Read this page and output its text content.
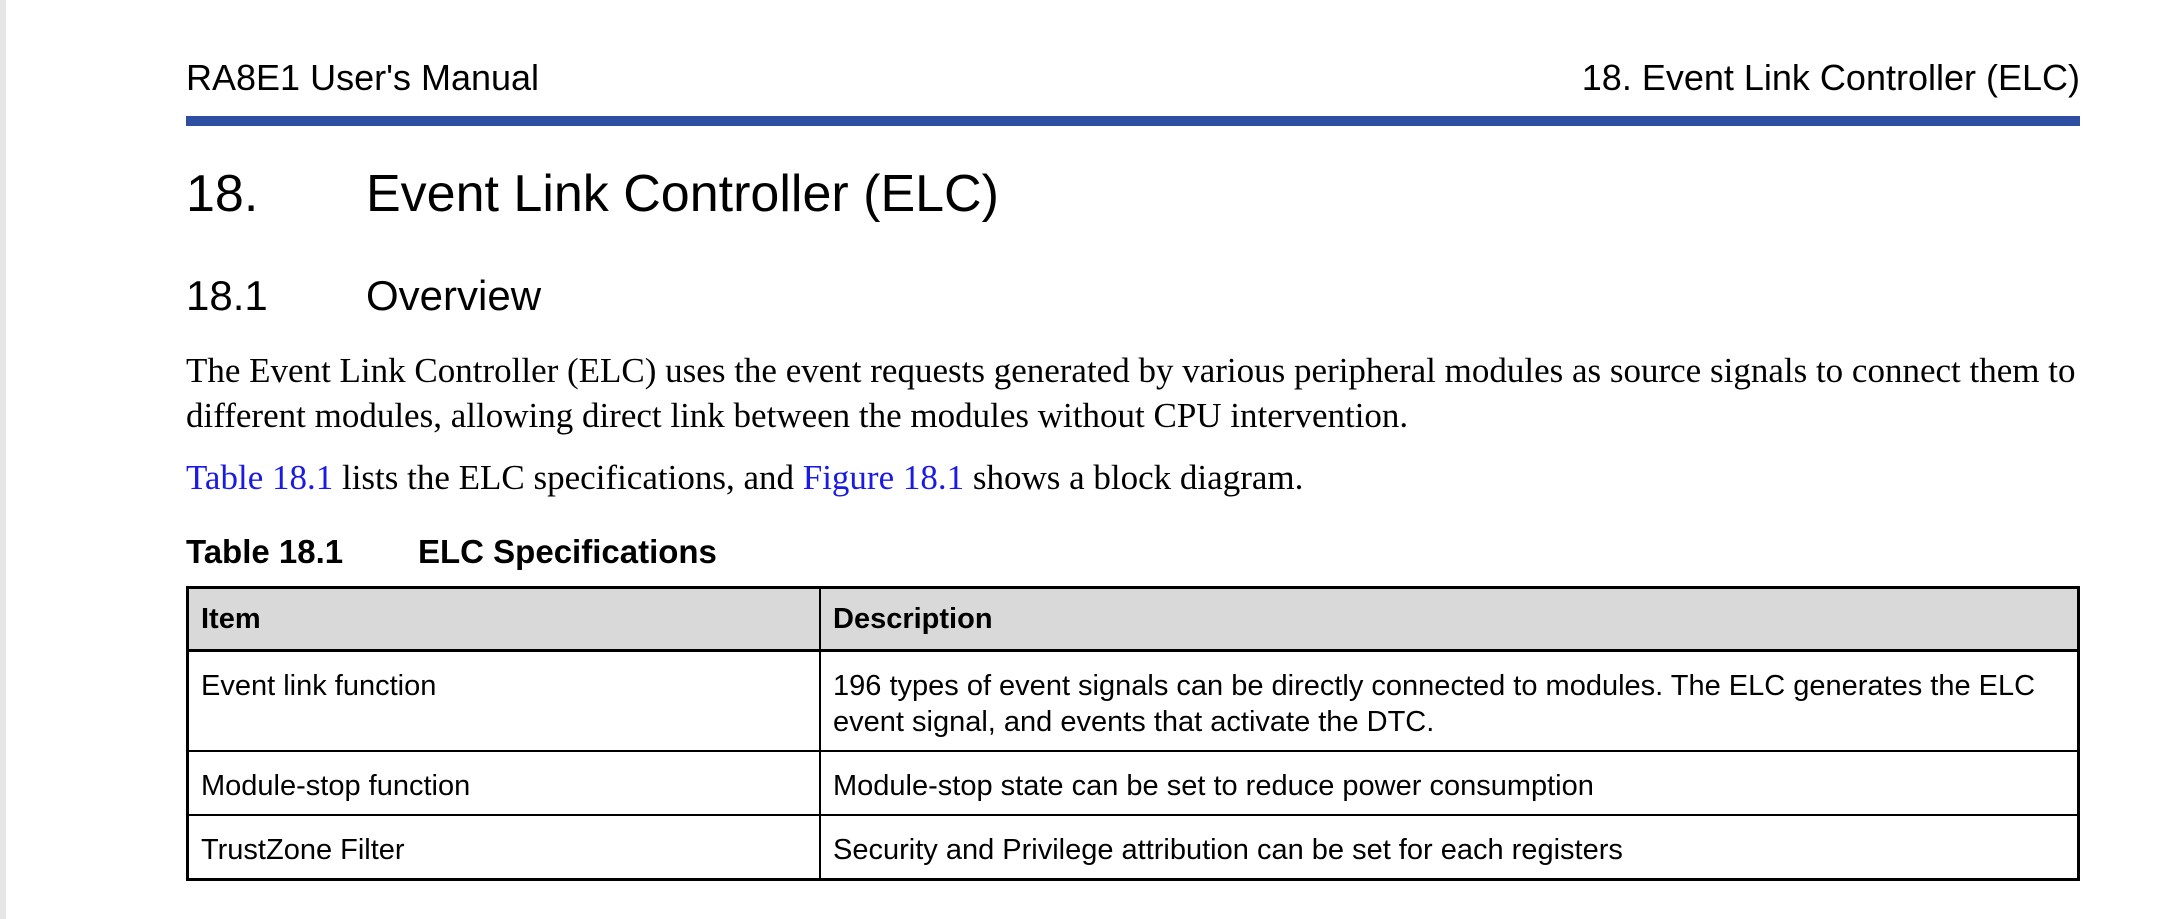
RA8E1 User's Manual	18. Event Link Controller (ELC)
18. Event Link Controller (ELC)
18.1 Overview
The Event Link Controller (ELC) uses the event requests generated by various peripheral modules as source signals to connect them to different modules, allowing direct link between the modules without CPU intervention.
Table 18.1 lists the ELC specifications, and Figure 18.1 shows a block diagram.
Table 18.1 ELC Specifications
Item	Description
Event link function	196 types of event signals can be directly connected to modules. The ELC generates the ELC event signal, and events that activate the DTC.
Module-stop function	Module-stop state can be set to reduce power consumption
TrustZone Filter	Security and Privilege attribution can be set for each registers
